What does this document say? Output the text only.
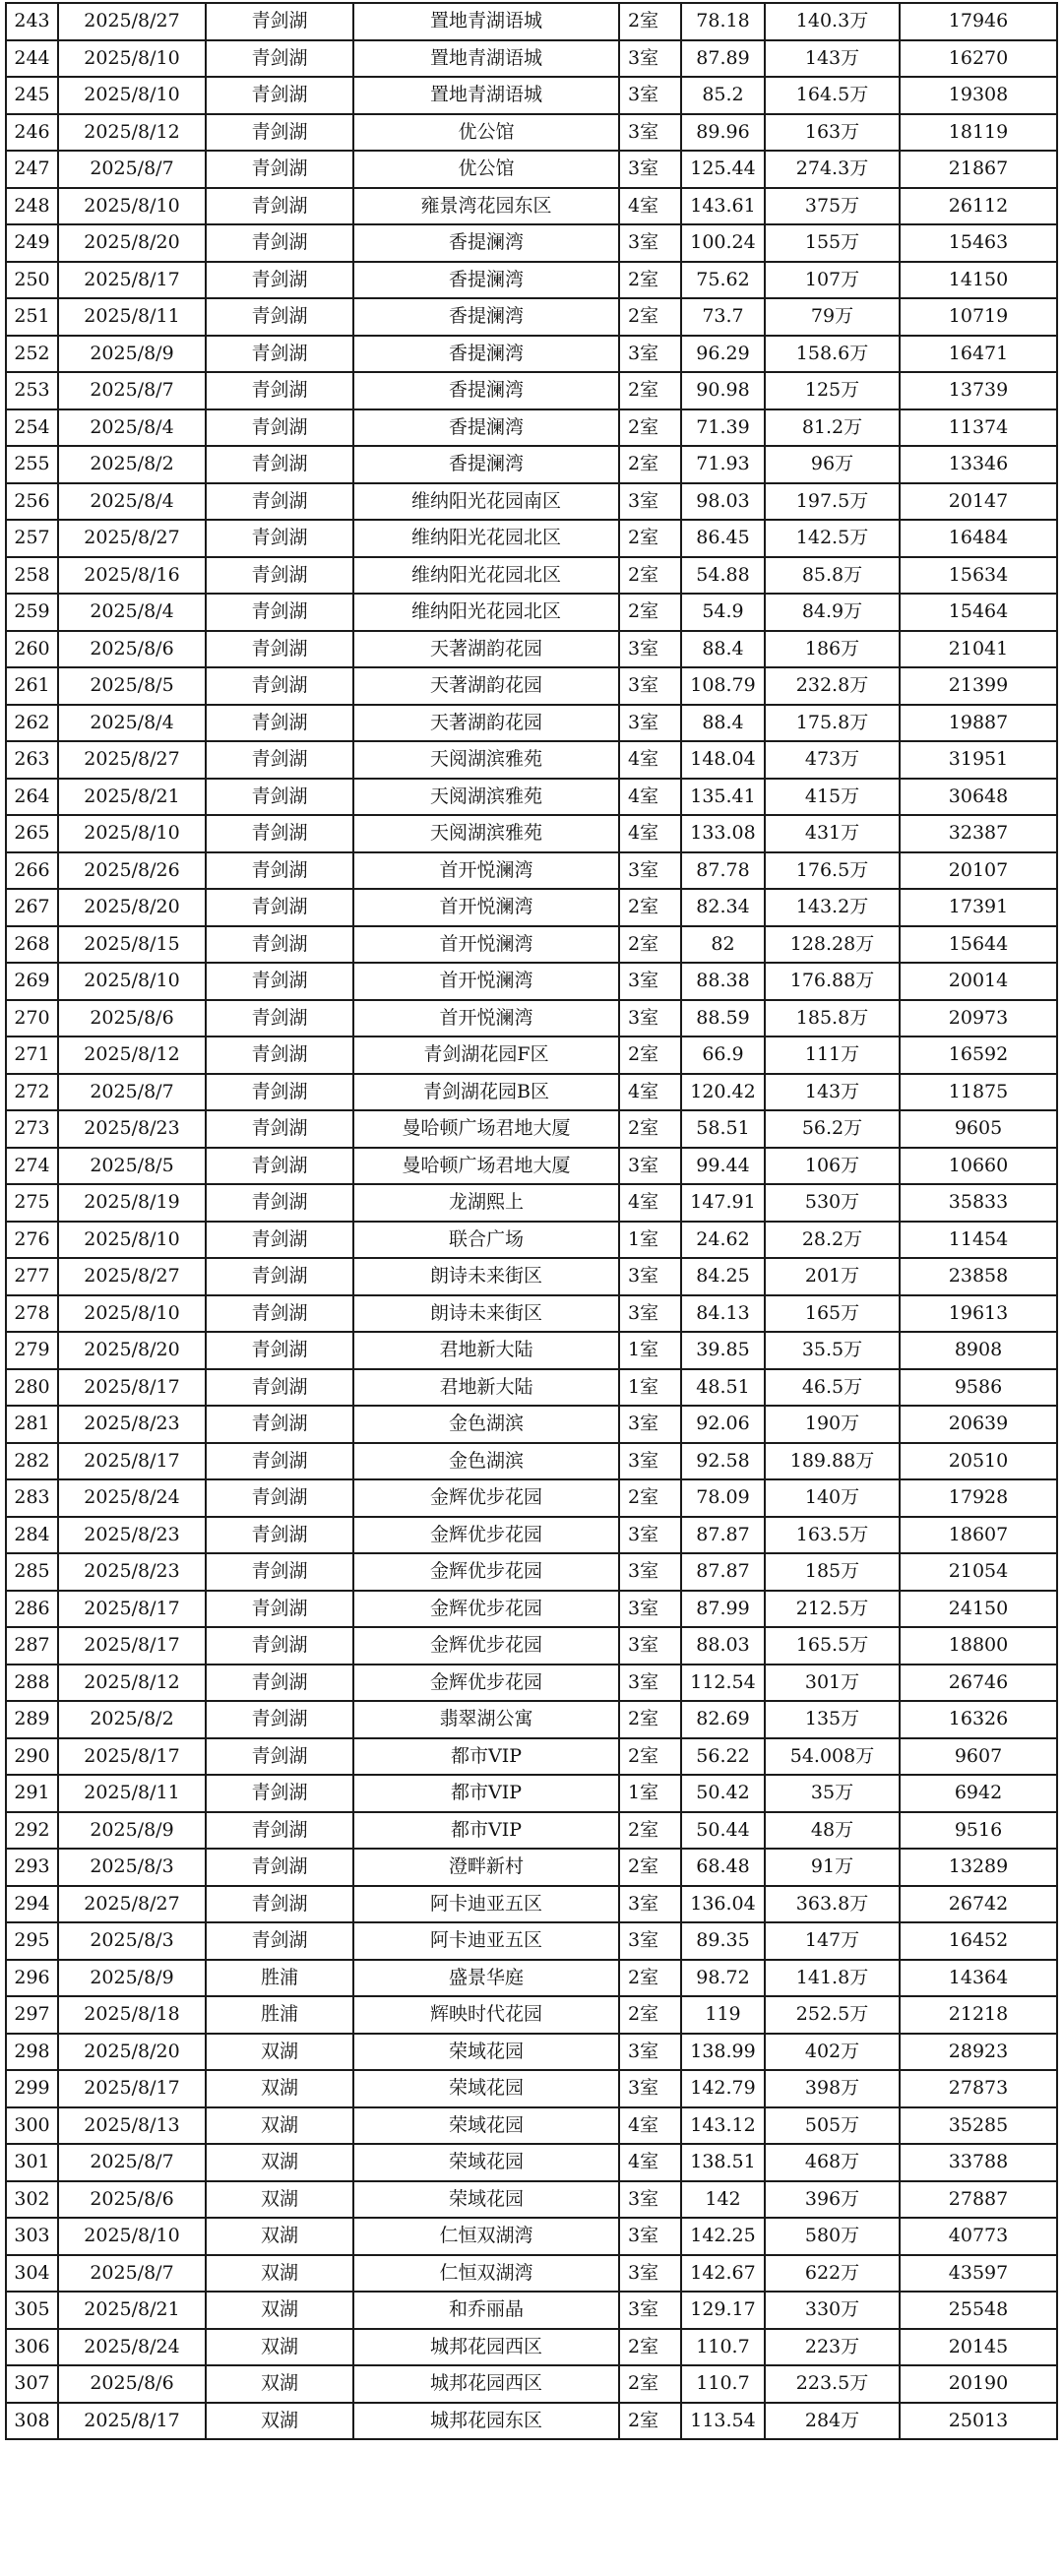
243	2025/8/27	青剑湖	置地青湖语城	2室	78.18	140.3万	17946
244	2025/8/10	青剑湖	置地青湖语城	3室	87.89	143万	16270
245	2025/8/10	青剑湖	置地青湖语城	3室	85.2	164.5万	19308
246	2025/8/12	青剑湖	优公馆	3室	89.96	163万	18119
247	2025/8/7	青剑湖	优公馆	3室	125.44	274.3万	21867
248	2025/8/10	青剑湖	雍景湾花园东区	4室	143.61	375万	26112
249	2025/8/20	青剑湖	香提澜湾	3室	100.24	155万	15463
250	2025/8/17	青剑湖	香提澜湾	2室	75.62	107万	14150
251	2025/8/11	青剑湖	香提澜湾	2室	73.7	79万	10719
252	2025/8/9	青剑湖	香提澜湾	3室	96.29	158.6万	16471
253	2025/8/7	青剑湖	香提澜湾	2室	90.98	125万	13739
254	2025/8/4	青剑湖	香提澜湾	2室	71.39	81.2万	11374
255	2025/8/2	青剑湖	香提澜湾	2室	71.93	96万	13346
256	2025/8/4	青剑湖	维纳阳光花园南区	3室	98.03	197.5万	20147
257	2025/8/27	青剑湖	维纳阳光花园北区	2室	86.45	142.5万	16484
258	2025/8/16	青剑湖	维纳阳光花园北区	2室	54.88	85.8万	15634
259	2025/8/4	青剑湖	维纳阳光花园北区	2室	54.9	84.9万	15464
260	2025/8/6	青剑湖	天著湖韵花园	3室	88.4	186万	21041
261	2025/8/5	青剑湖	天著湖韵花园	3室	108.79	232.8万	21399
262	2025/8/4	青剑湖	天著湖韵花园	3室	88.4	175.8万	19887
263	2025/8/27	青剑湖	天阅湖滨雅苑	4室	148.04	473万	31951
264	2025/8/21	青剑湖	天阅湖滨雅苑	4室	135.41	415万	30648
265	2025/8/10	青剑湖	天阅湖滨雅苑	4室	133.08	431万	32387
266	2025/8/26	青剑湖	首开悦澜湾	3室	87.78	176.5万	20107
267	2025/8/20	青剑湖	首开悦澜湾	2室	82.34	143.2万	17391
268	2025/8/15	青剑湖	首开悦澜湾	2室	82	128.28万	15644
269	2025/8/10	青剑湖	首开悦澜湾	3室	88.38	176.88万	20014
270	2025/8/6	青剑湖	首开悦澜湾	3室	88.59	185.8万	20973
271	2025/8/12	青剑湖	青剑湖花园F区	2室	66.9	111万	16592
272	2025/8/7	青剑湖	青剑湖花园B区	4室	120.42	143万	11875
273	2025/8/23	青剑湖	曼哈顿广场君地大厦	2室	58.51	56.2万	9605
274	2025/8/5	青剑湖	曼哈顿广场君地大厦	3室	99.44	106万	10660
275	2025/8/19	青剑湖	龙湖熙上	4室	147.91	530万	35833
276	2025/8/10	青剑湖	联合广场	1室	24.62	28.2万	11454
277	2025/8/27	青剑湖	朗诗未来街区	3室	84.25	201万	23858
278	2025/8/10	青剑湖	朗诗未来街区	3室	84.13	165万	19613
279	2025/8/20	青剑湖	君地新大陆	1室	39.85	35.5万	8908
280	2025/8/17	青剑湖	君地新大陆	1室	48.51	46.5万	9586
281	2025/8/23	青剑湖	金色湖滨	3室	92.06	190万	20639
282	2025/8/17	青剑湖	金色湖滨	3室	92.58	189.88万	20510
283	2025/8/24	青剑湖	金辉优步花园	2室	78.09	140万	17928
284	2025/8/23	青剑湖	金辉优步花园	3室	87.87	163.5万	18607
285	2025/8/23	青剑湖	金辉优步花园	3室	87.87	185万	21054
286	2025/8/17	青剑湖	金辉优步花园	3室	87.99	212.5万	24150
287	2025/8/17	青剑湖	金辉优步花园	3室	88.03	165.5万	18800
288	2025/8/12	青剑湖	金辉优步花园	3室	112.54	301万	26746
289	2025/8/2	青剑湖	翡翠湖公寓	2室	82.69	135万	16326
290	2025/8/17	青剑湖	都市VIP	2室	56.22	54.008万	9607
291	2025/8/11	青剑湖	都市VIP	1室	50.42	35万	6942
292	2025/8/9	青剑湖	都市VIP	2室	50.44	48万	9516
293	2025/8/3	青剑湖	澄畔新村	2室	68.48	91万	13289
294	2025/8/27	青剑湖	阿卡迪亚五区	3室	136.04	363.8万	26742
295	2025/8/3	青剑湖	阿卡迪亚五区	3室	89.35	147万	16452
296	2025/8/9	胜浦	盛景华庭	2室	98.72	141.8万	14364
297	2025/8/18	胜浦	辉映时代花园	2室	119	252.5万	21218
298	2025/8/20	双湖	荣域花园	3室	138.99	402万	28923
299	2025/8/17	双湖	荣域花园	3室	142.79	398万	27873
300	2025/8/13	双湖	荣域花园	4室	143.12	505万	35285
301	2025/8/7	双湖	荣域花园	4室	138.51	468万	33788
302	2025/8/6	双湖	荣域花园	3室	142	396万	27887
303	2025/8/10	双湖	仁恒双湖湾	3室	142.25	580万	40773
304	2025/8/7	双湖	仁恒双湖湾	3室	142.67	622万	43597
305	2025/8/21	双湖	和乔丽晶	3室	129.17	330万	25548
306	2025/8/24	双湖	城邦花园西区	2室	110.7	223万	20145
307	2025/8/6	双湖	城邦花园西区	2室	110.7	223.5万	20190
308	2025/8/17	双湖	城邦花园东区	2室	113.54	284万	25013
